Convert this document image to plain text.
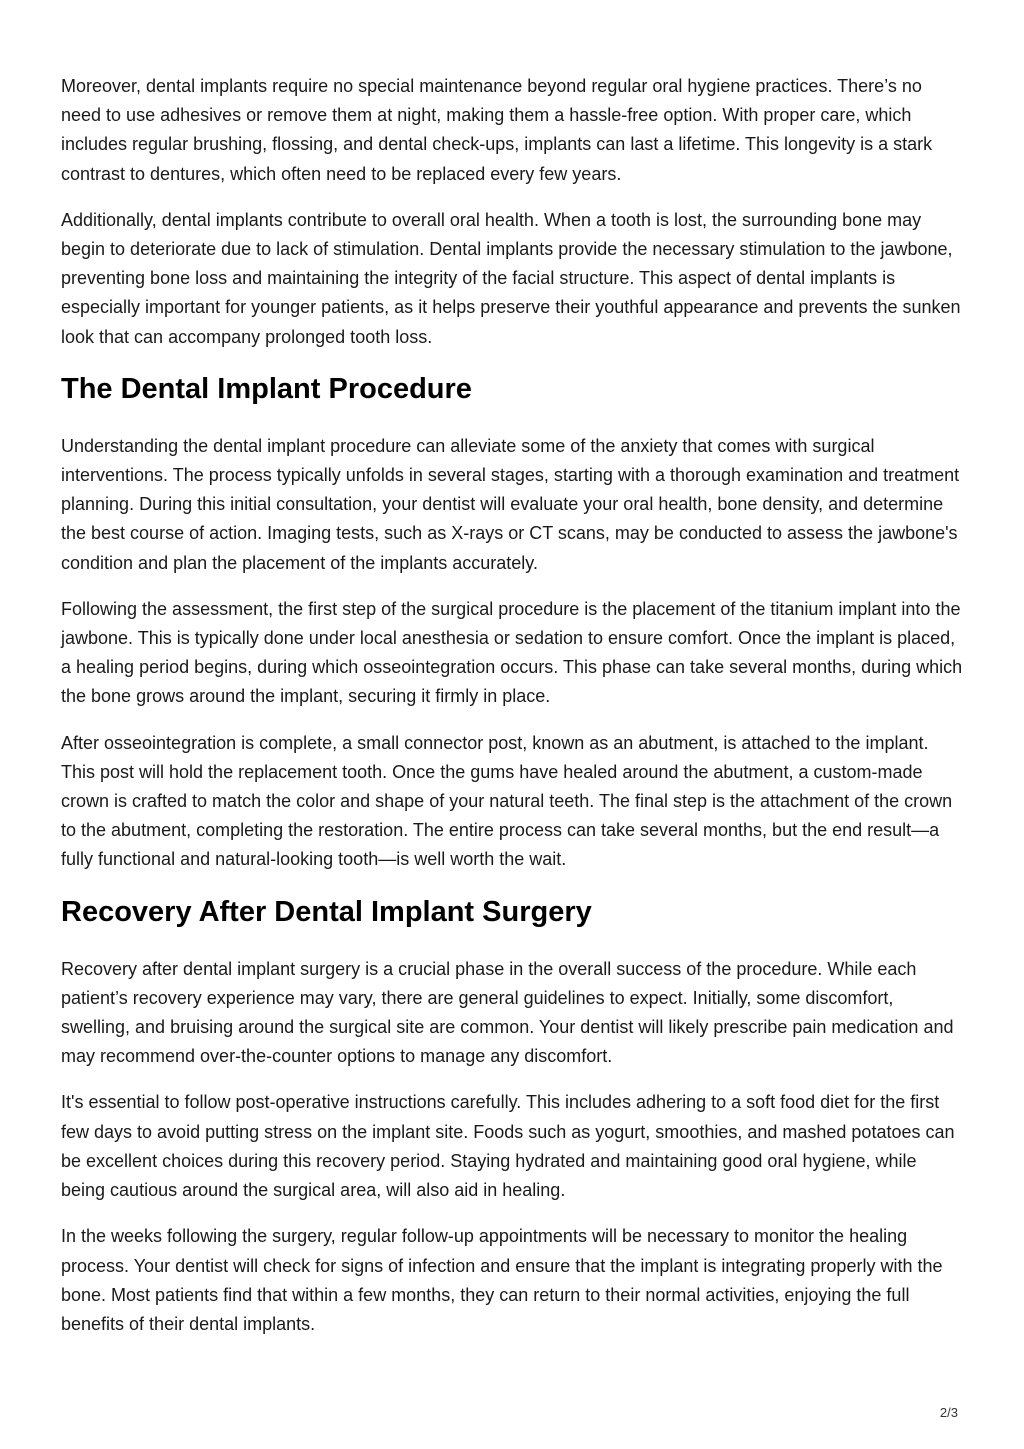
Moreover, dental implants require no special maintenance beyond regular oral hygiene practices. There’s no need to use adhesives or remove them at night, making them a hassle-free option. With proper care, which includes regular brushing, flossing, and dental check-ups, implants can last a lifetime. This longevity is a stark contrast to dentures, which often need to be replaced every few years.

Additionally, dental implants contribute to overall oral health. When a tooth is lost, the surrounding bone may begin to deteriorate due to lack of stimulation. Dental implants provide the necessary stimulation to the jawbone, preventing bone loss and maintaining the integrity of the facial structure. This aspect of dental implants is especially important for younger patients, as it helps preserve their youthful appearance and prevents the sunken look that can accompany prolonged tooth loss.

The Dental Implant Procedure

Understanding the dental implant procedure can alleviate some of the anxiety that comes with surgical interventions. The process typically unfolds in several stages, starting with a thorough examination and treatment planning. During this initial consultation, your dentist will evaluate your oral health, bone density, and determine the best course of action. Imaging tests, such as X-rays or CT scans, may be conducted to assess the jawbone's condition and plan the placement of the implants accurately.

Following the assessment, the first step of the surgical procedure is the placement of the titanium implant into the jawbone. This is typically done under local anesthesia or sedation to ensure comfort. Once the implant is placed, a healing period begins, during which osseointegration occurs. This phase can take several months, during which the bone grows around the implant, securing it firmly in place.

After osseointegration is complete, a small connector post, known as an abutment, is attached to the implant. This post will hold the replacement tooth. Once the gums have healed around the abutment, a custom-made crown is crafted to match the color and shape of your natural teeth. The final step is the attachment of the crown to the abutment, completing the restoration. The entire process can take several months, but the end result—a fully functional and natural-looking tooth—is well worth the wait.

Recovery After Dental Implant Surgery

Recovery after dental implant surgery is a crucial phase in the overall success of the procedure. While each patient’s recovery experience may vary, there are general guidelines to expect. Initially, some discomfort, swelling, and bruising around the surgical site are common. Your dentist will likely prescribe pain medication and may recommend over-the-counter options to manage any discomfort.

It's essential to follow post-operative instructions carefully. This includes adhering to a soft food diet for the first few days to avoid putting stress on the implant site. Foods such as yogurt, smoothies, and mashed potatoes can be excellent choices during this recovery period. Staying hydrated and maintaining good oral hygiene, while being cautious around the surgical area, will also aid in healing.

In the weeks following the surgery, regular follow-up appointments will be necessary to monitor the healing process. Your dentist will check for signs of infection and ensure that the implant is integrating properly with the bone. Most patients find that within a few months, they can return to their normal activities, enjoying the full benefits of their dental implants.

2/3
